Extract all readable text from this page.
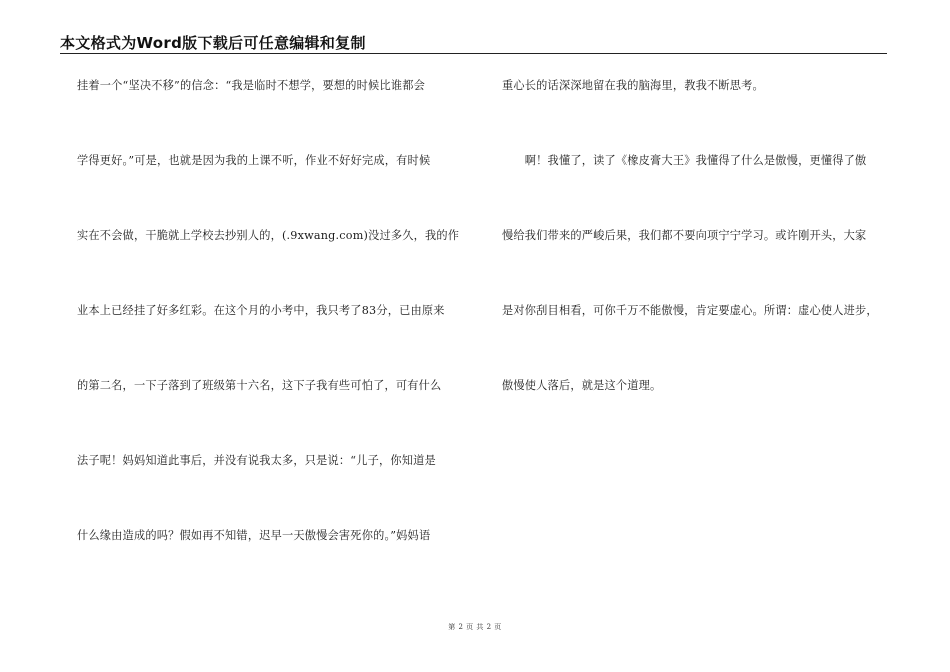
本文格式为Word版下载后可任意编辑和复制
挂着一个“坚决不移”的信念：“我是临时不想学，要想的时候比谁都会
学得更好。”可是，也就是因为我的上课不听，作业不好好完成，有时候
实在不会做，干脆就上学校去抄别人的，(.9xwang.com)没过多久，我的作
业本上已经挂了好多红彩。在这个月的小考中，我只考了83分，已由原来
的第二名，一下子落到了班级第十六名，这下子我有些可怕了，可有什么
法子呢！妈妈知道此事后，并没有说我太多，只是说：“儿子，你知道是
什么缘由造成的吗？假如再不知错，迟早一天傲慢会害死你的。”妈妈语
重心长的话深深地留在我的脑海里，教我不断思考。
　　啊！我懂了，读了《橡皮膏大王》我懂得了什么是傲慢，更懂得了傲
慢给我们带来的严峻后果，我们都不要向项宁宁学习。或许刚开头，大家
是对你刮目相看，可你千万不能傲慢，肯定要虚心。所谓：虚心使人进步，
傲慢使人落后，就是这个道理。
第 2 页 共 2 页
